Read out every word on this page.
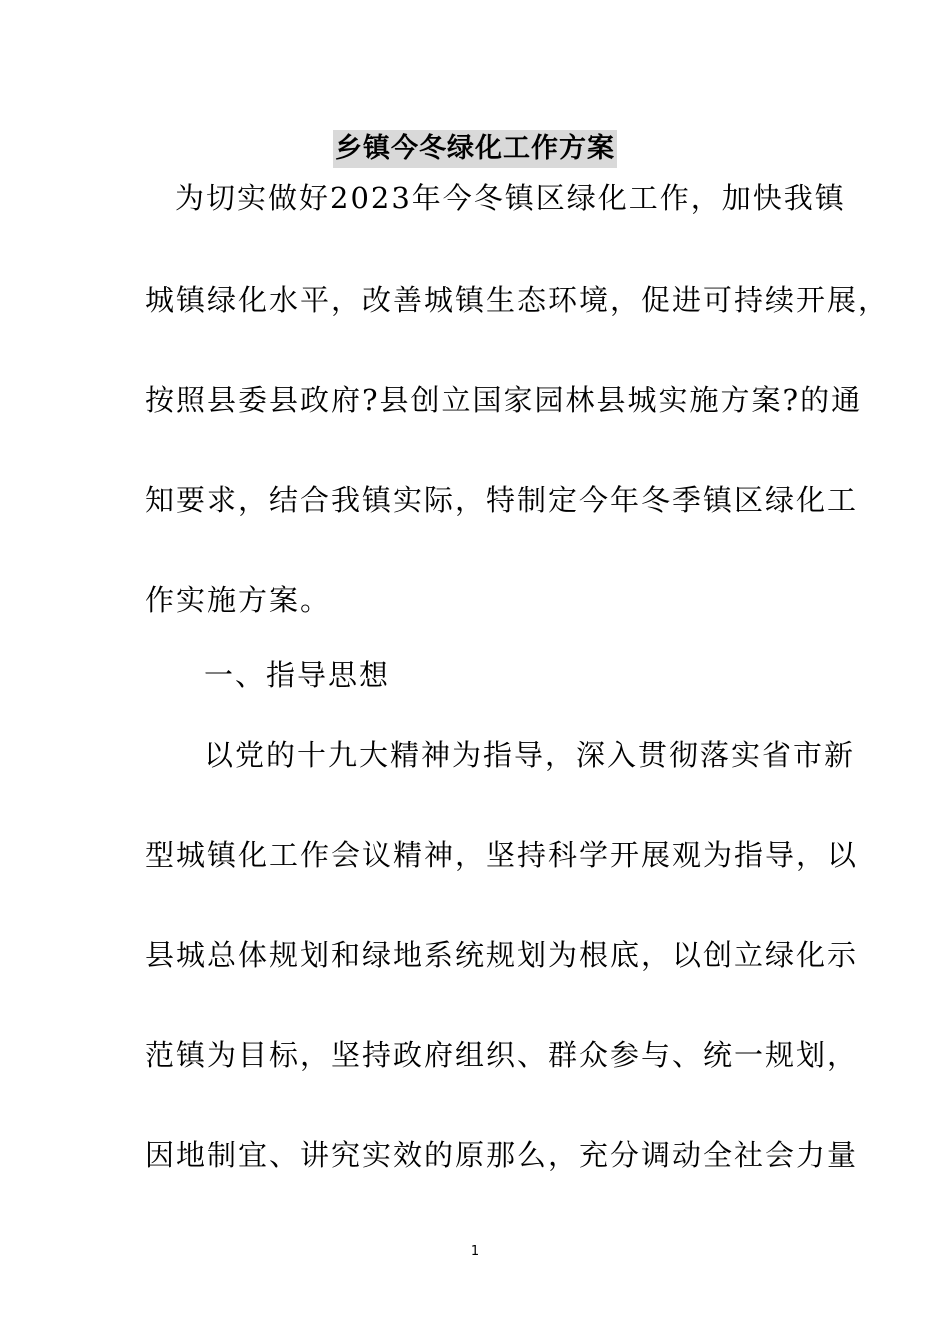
乡镇今冬绿化工作方案
为切实做好2023年今冬镇区绿化工作，加快我镇
城镇绿化水平，改善城镇生态环境，促进可持续开展，
按照县委县政府?县创立国家园林县城实施方案?的通
知要求，结合我镇实际，特制定今年冬季镇区绿化工
作实施方案。
一、指导思想
以党的十九大精神为指导，深入贯彻落实省市新
型城镇化工作会议精神，坚持科学开展观为指导，以
县城总体规划和绿地系统规划为根底，以创立绿化示
范镇为目标，坚持政府组织、群众参与、统一规划，
因地制宜、讲究实效的原那么，充分调动全社会力量
1
